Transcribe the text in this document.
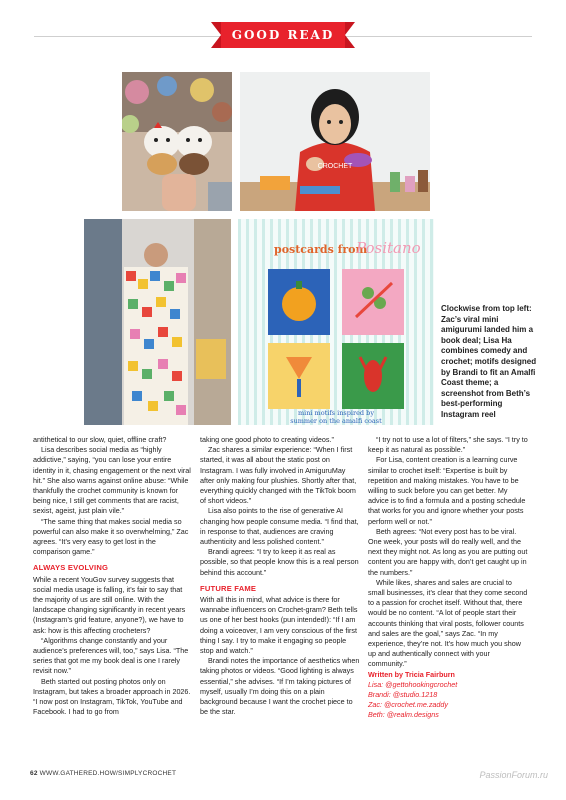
GOOD READ
CROCHET
postcards from
Positano
mini motifs inspired by
summer on the amalfi coast
Clockwise from top left: Zac’s viral mini amigurumi landed him a book deal; Lisa Ha combines comedy and crochet; motifs designed by Brandi to fit an Amalfi Coast theme; a screenshot from Beth’s best-performing Instagram reel

antithetical to our slow, quiet, offline craft?

Lisa describes social media as “highly addictive,” saying, “you can lose your entire identity in it, chasing engagement or the next viral hit.” She also warns against online abuse: “While thankfully the crochet community is known for being nice, I still get comments that are racist, sexist, ageist, just plain vile.”

“The same thing that makes social media so powerful can also make it so overwhelming,” Zac agrees. “It’s very easy to get lost in the comparison game.”

ALWAYS EVOLVING

While a recent YouGov survey suggests that social media usage is falling, it’s fair to say that the majority of us are still online. With the landscape changing significantly in recent years (Instagram’s grid feature, anyone?), we have to ask: how is this affecting crocheters?

“Algorithms change constantly and your audience’s preferences will, too,” says Lisa. “The series that got me my book deal is one I rarely revisit now.”

Beth started out posting photos only on Instagram, but takes a broader approach in 2026. “I now post on Instagram, TikTok, YouTube and Facebook. I had to go from

taking one good photo to creating videos.”

Zac shares a similar experience: “When I first started, it was all about the static post on Instagram. I was fully involved in AmiguruMay after only making four plushies. Shortly after that, everything quickly changed with the TikTok boom of short videos.”

Lisa also points to the rise of generative AI changing how people consume media. “I find that, in response to that, audiences are craving authenticity and less polished content.”

Brandi agrees: “I try to keep it as real as possible, so that people know this is a real person behind this account.”

FUTURE FAME

With all this in mind, what advice is there for wannabe influencers on Crochet-gram? Beth tells us one of her best hooks (pun intended!): “If I am doing a voiceover, I am very conscious of the first thing I say. I try to make it engaging so people stop and watch.”

Brandi notes the importance of aesthetics when taking photos or videos. “Good lighting is always essential,” she advises. “If I’m taking pictures of myself, usually I’m doing this on a plain background because I want the crochet piece to be the star.

“I try not to use a lot of filters,” she says. “I try to keep it as natural as possible.”

For Lisa, content creation is a learning curve similar to crochet itself: “Expertise is built by repetition and making mistakes. You have to be willing to suck before you can get better. My advice is to find a formula and a posting schedule that works for you and ignore whether your posts perform well or not.”

Beth agrees: “Not every post has to be viral. One week, your posts will do really well, and the next they might not. As long as you are putting out content you are happy with, don’t get caught up in the numbers.”

While likes, shares and sales are crucial to small businesses, it’s clear that they come second to a passion for crochet itself. Without that, there would be no content. “A lot of people start their accounts thinking that viral posts, follower counts and sales are the goal,” says Zac. “In my experience, they’re not. It’s how much you show up and authentically connect with your community.”

Written by Tricia Fairburn

Lisa: @gettohookingcrochet

Brandi: @studio.1218

Zac: @crochet.me.zaddy

Beth: @realm.designs

62 WWW.GATHERED.HOW/SIMPLYCROCHET	PassionForum.ru
